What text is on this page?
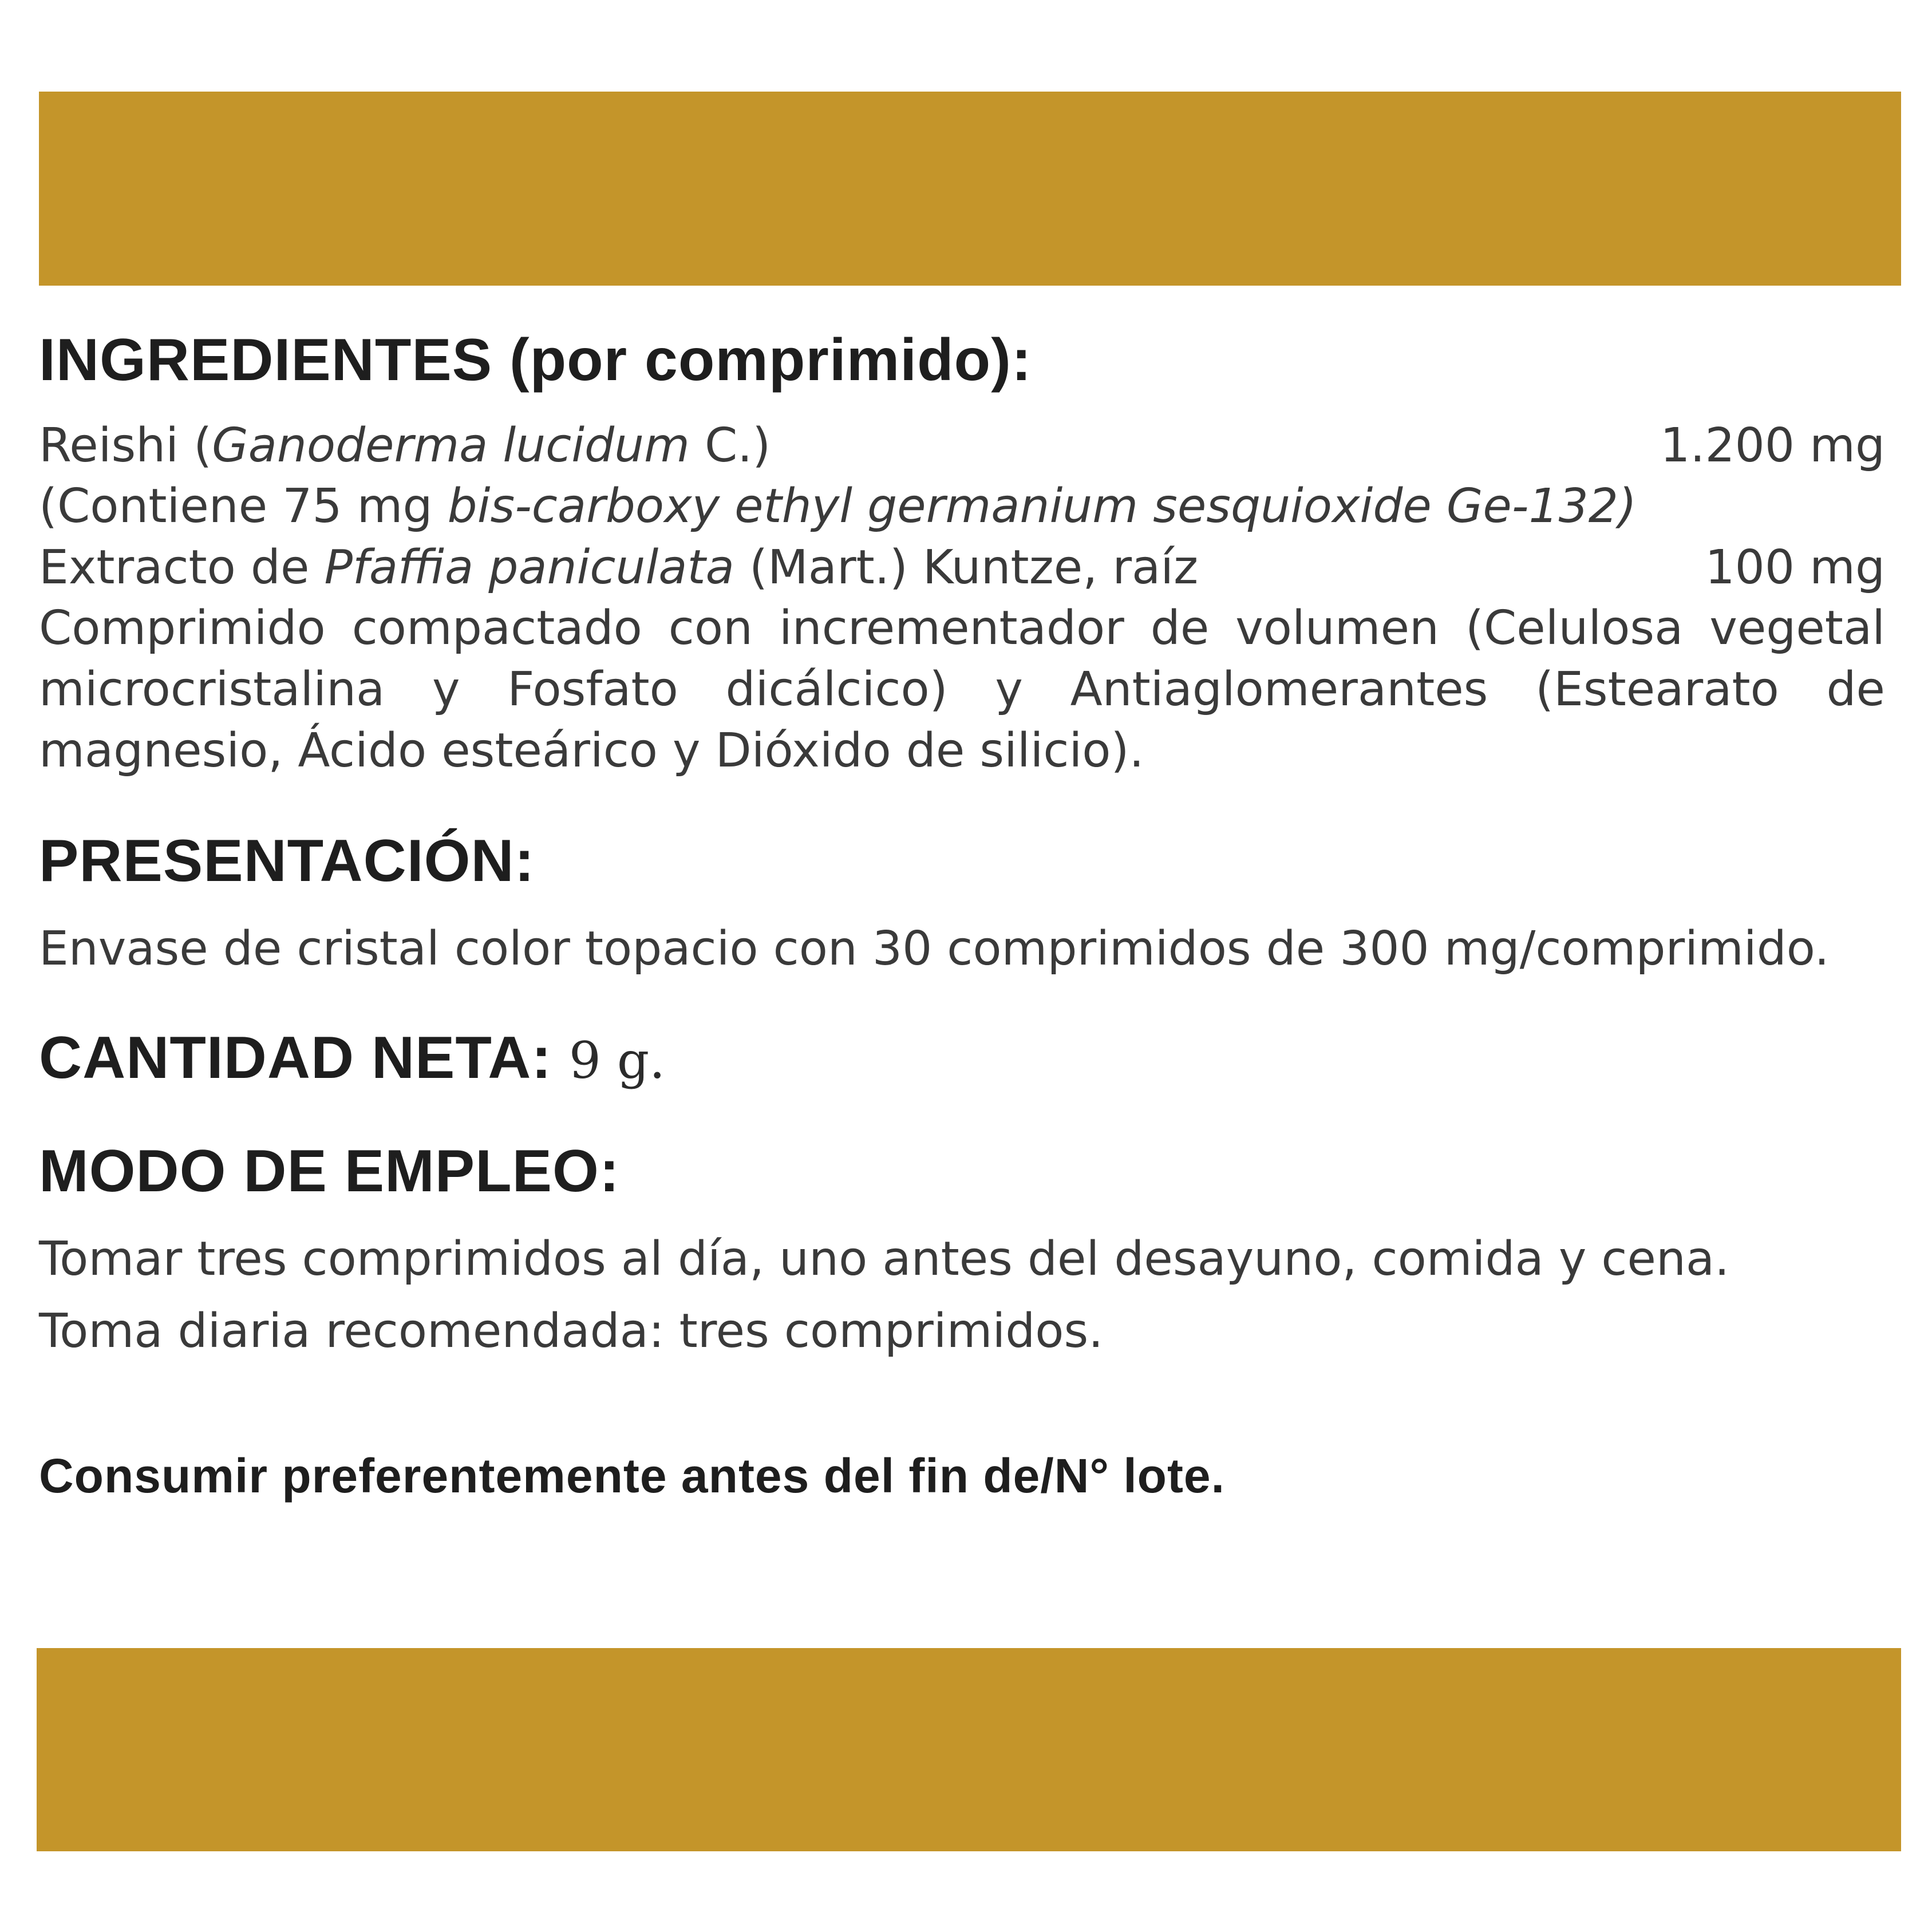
INGREDIENTES (por comprimido):
Reishi (Ganoderma lucidum C.)	1.200 mg
(Contiene 75 mg bis-carboxy ethyl germanium sesquioxide Ge-132)
Extracto de Pfaffia paniculata (Mart.) Kuntze, raíz	100 mg
Comprimido compactado con incrementador de volumen (Celulosa vegetal microcristalina y Fosfato dicálcico) y Antiaglomerantes (Estearato de magnesio, Ácido esteárico y Dióxido de silicio).
PRESENTACIÓN:
Envase de cristal color topacio con 30 comprimidos de 300 mg/comprimido.
CANTIDAD NETA: 9 g.
MODO DE EMPLEO:
Tomar tres comprimidos al día, uno antes del desayuno, comida y cena.
Toma diaria recomendada: tres comprimidos.
Consumir preferentemente antes del fin de/N° lote.
